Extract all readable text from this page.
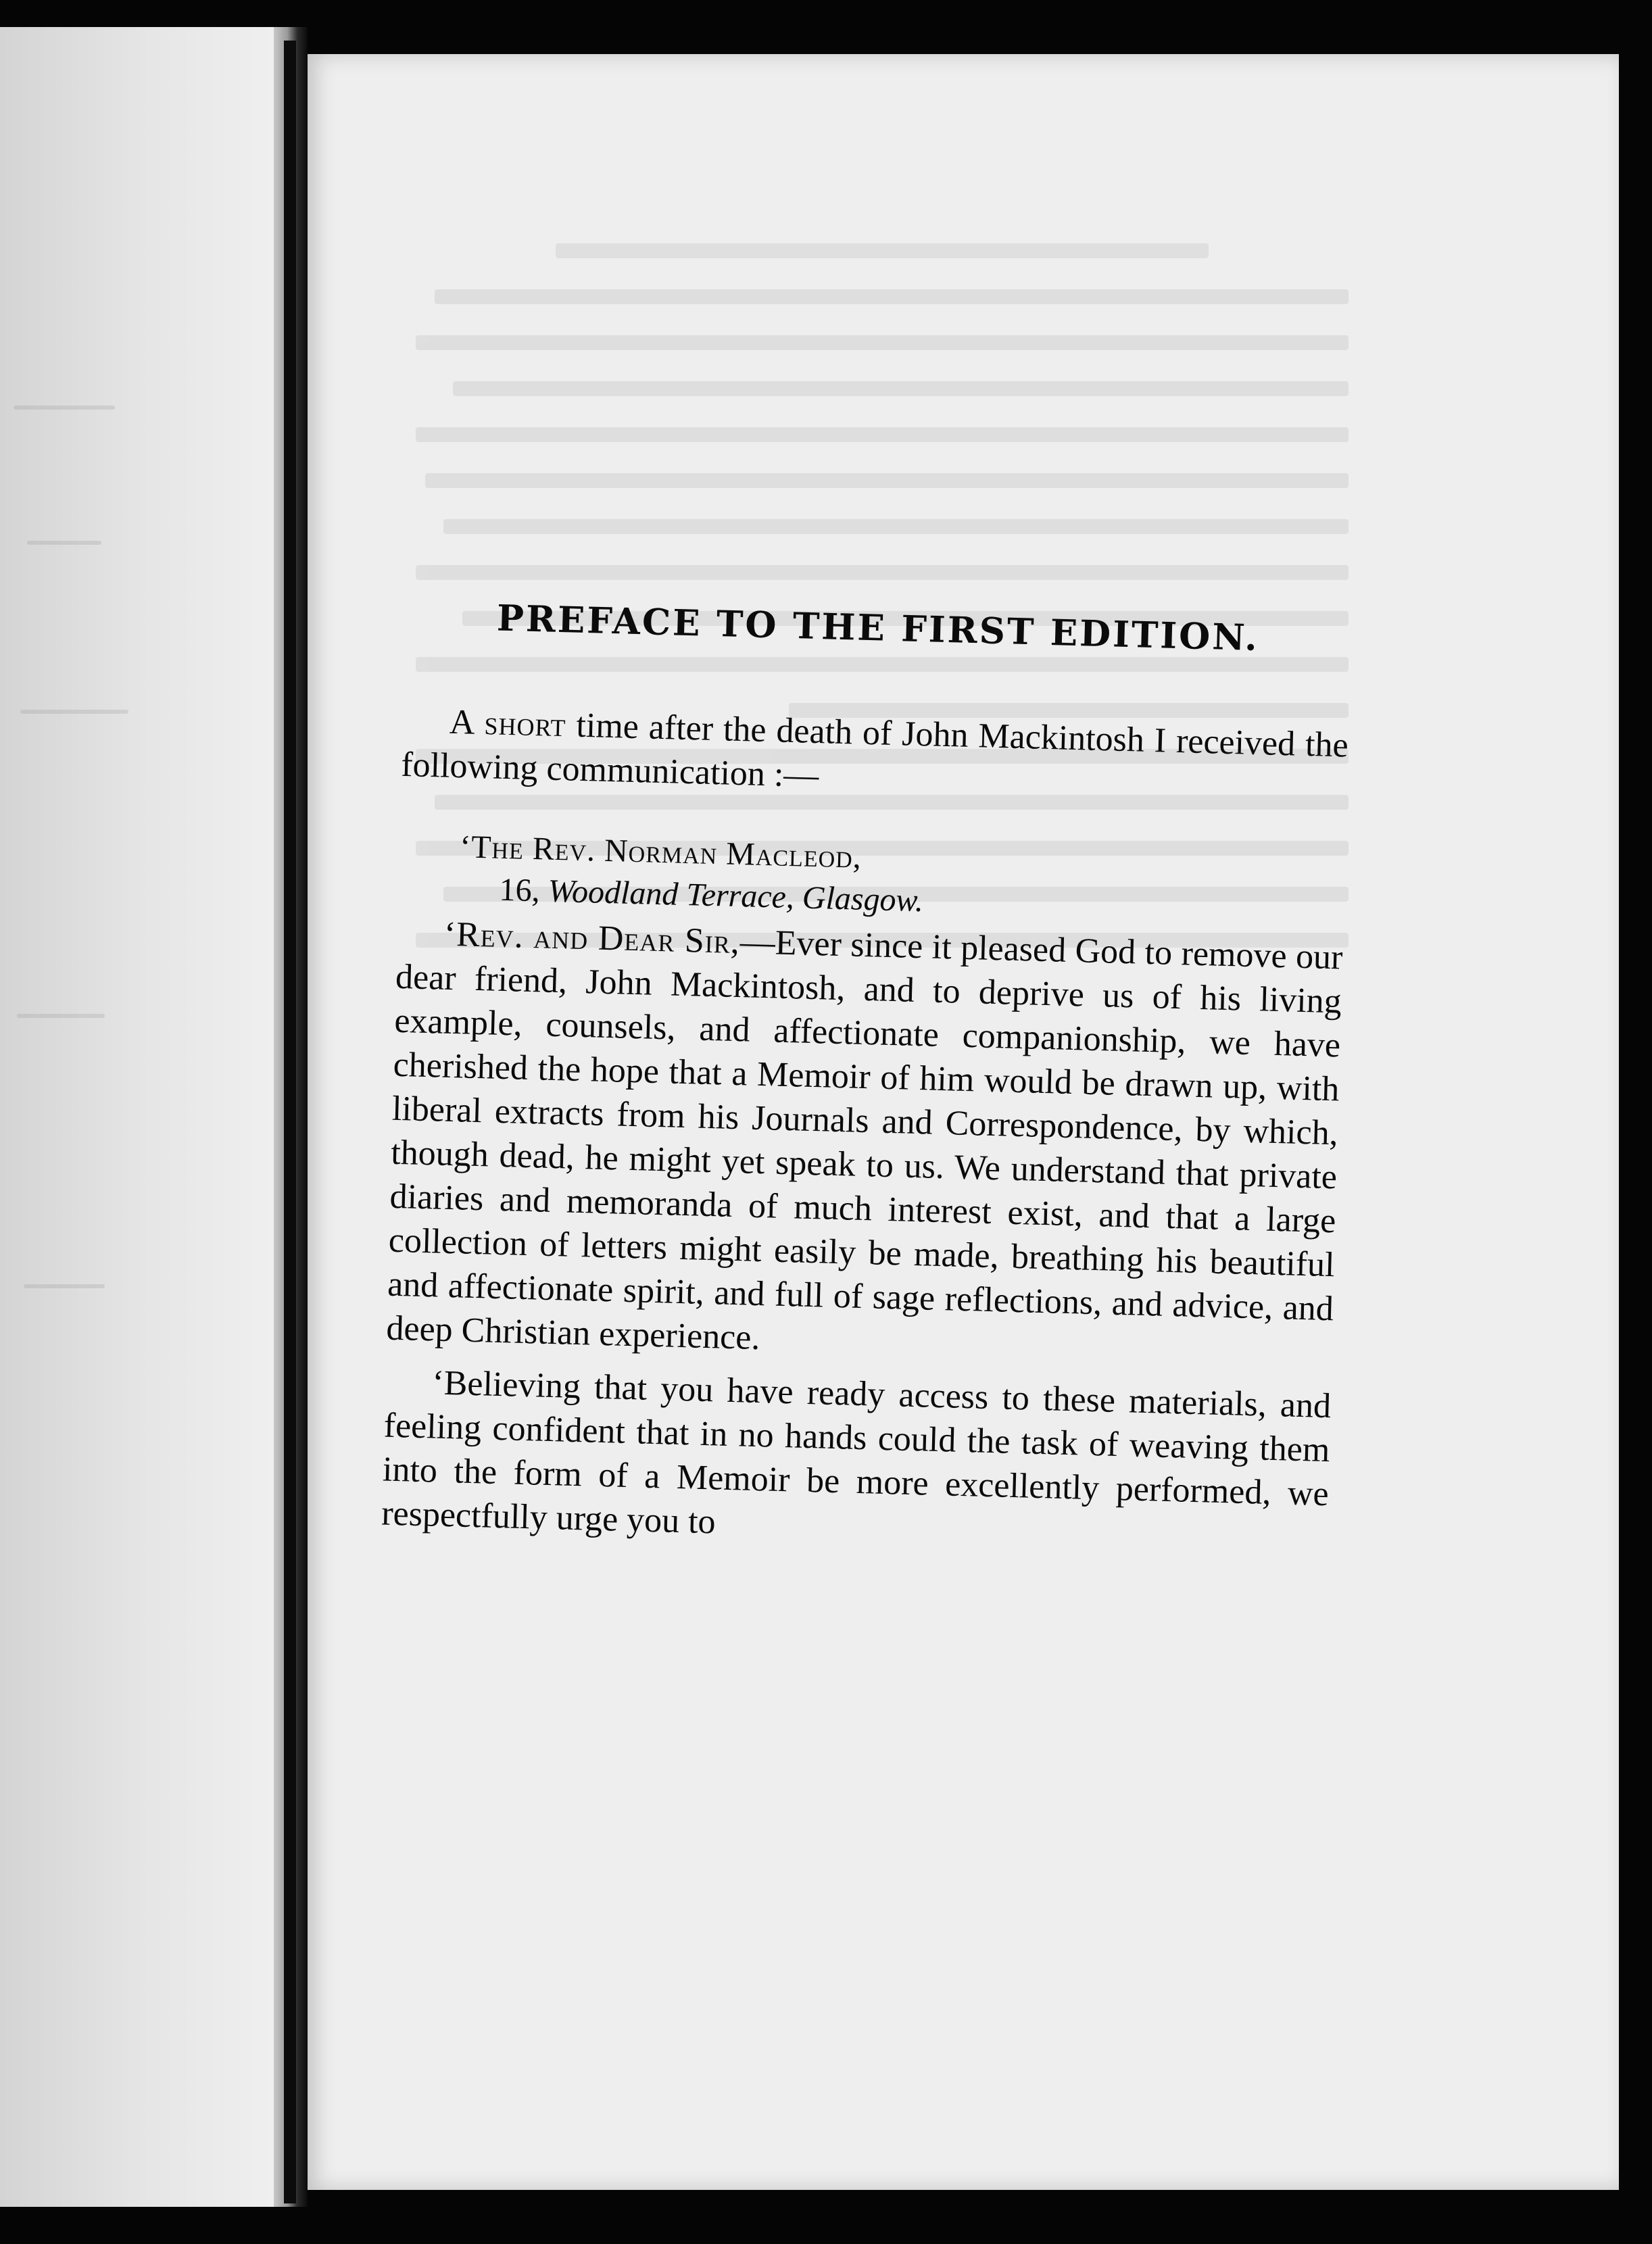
PREFACE TO THE FIRST EDITION.

A short time after the death of John Mackintosh I received the following communication :—

‘The Rev. Norman Macleod,
16, Woodland Terrace, Glasgow.

‘Rev. and Dear Sir,—Ever since it pleased God to remove our dear friend, John Mackintosh, and to deprive us of his living example, counsels, and affectionate companionship, we have cherished the hope that a Memoir of him would be drawn up, with liberal extracts from his Journals and Correspondence, by which, though dead, he might yet speak to us. We understand that private diaries and memoranda of much interest exist, and that a large collection of letters might easily be made, breathing his beautiful and affectionate spirit, and full of sage reflections, and advice, and deep Christian experience.

‘Believing that you have ready access to these materials, and feeling confident that in no hands could the task of weaving them into the form of a Memoir be more excellently performed, we respectfully urge you to
